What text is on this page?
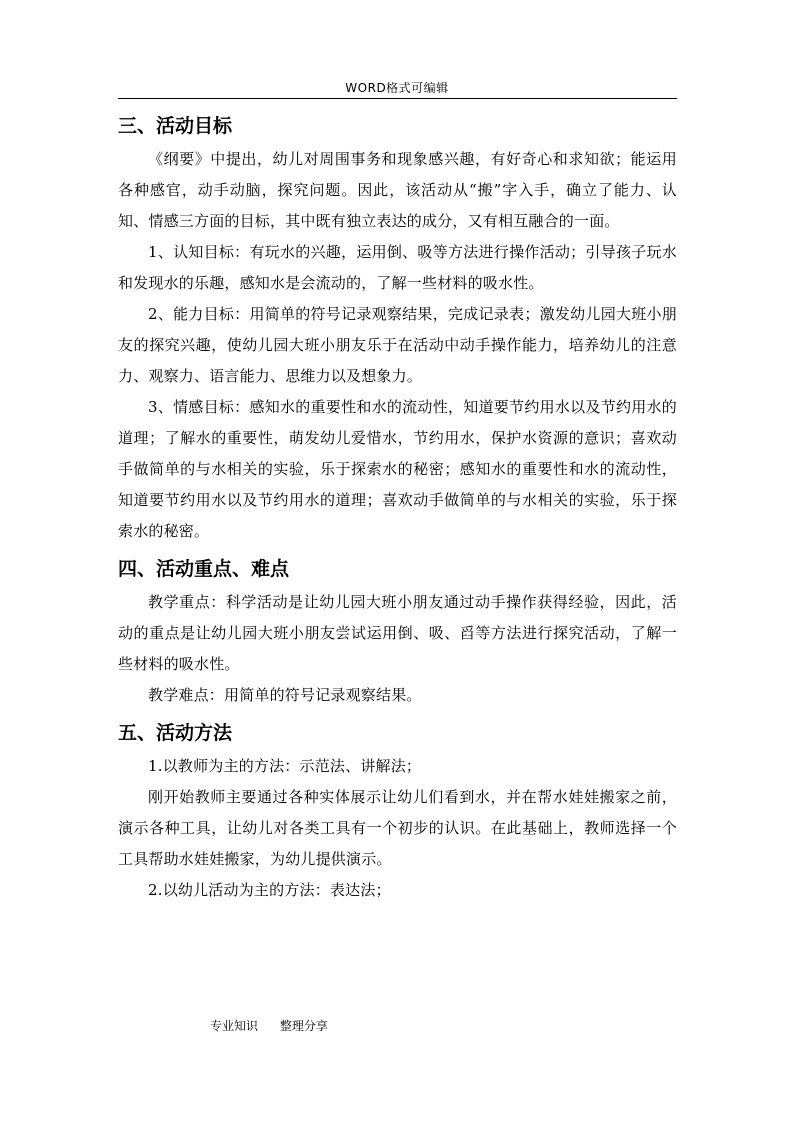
WORD格式可编辑
三、活动目标

《纲要》中提出，幼儿对周围事务和现象感兴趣，有好奇心和求知欲；能运用各种感官，动手动脑，探究问题。因此，该活动从“搬”字入手，确立了能力、认知、情感三方面的目标，其中既有独立表达的成分，又有相互融合的一面。

1、认知目标：有玩水的兴趣，运用倒、吸等方法进行操作活动；引导孩子玩水和发现水的乐趣，感知水是会流动的，了解一些材料的吸水性。

2、能力目标：用简单的符号记录观察结果，完成记录表；激发幼儿园大班小朋友的探究兴趣，使幼儿园大班小朋友乐于在活动中动手操作能力，培养幼儿的注意力、观察力、语言能力、思维力以及想象力。

3、情感目标：感知水的重要性和水的流动性，知道要节约用水以及节约用水的道理；了解水的重要性，萌发幼儿爱惜水，节约用水，保护水资源的意识；喜欢动手做简单的与水相关的实验，乐于探索水的秘密；感知水的重要性和水的流动性，知道要节约用水以及节约用水的道理；喜欢动手做简单的与水相关的实验，乐于探索水的秘密。

四、活动重点、难点

教学重点：科学活动是让幼儿园大班小朋友通过动手操作获得经验，因此，活动的重点是让幼儿园大班小朋友尝试运用倒、吸、舀等方法进行探究活动，了解一些材料的吸水性。

教学难点：用简单的符号记录观察结果。

五、活动方法

1.以教师为主的方法：示范法、讲解法；

刚开始教师主要通过各种实体展示让幼儿们看到水，并在帮水娃娃搬家之前，演示各种工具，让幼儿对各类工具有一个初步的认识。在此基础上，教师选择一个工具帮助水娃娃搬家，为幼儿提供演示。

2.以幼儿活动为主的方法：表达法；

专业知识 整理分享
